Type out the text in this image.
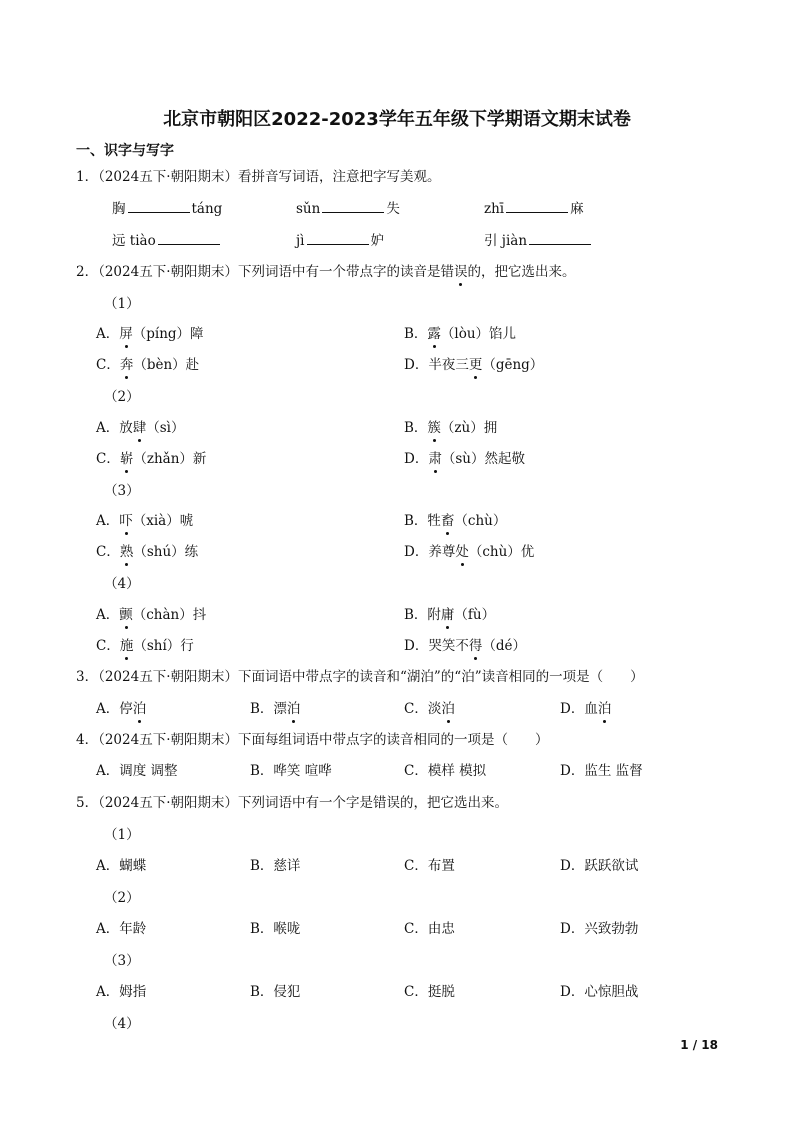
北京市朝阳区2022-2023学年五年级下学期语文期末试卷
一、识字与写字
1．（2024五下·朝阳期末）看拼音写词语，注意把字写美观。
胸	táng	sǔn	失	zhī	麻
远 tiào	jì	妒	引 jiàn
2．（2024五下·朝阳期末）下列词语中有一个带点字的读音是错误的，把它选出来。
（1）
A．屏（píng）障	B．露（lòu）馅儿
C．奔（bèn）赴	D．半夜三更（gēng）
（2）
A．放肆（sì）	B．簇（zù）拥
C．崭（zhǎn）新	D．肃（sù）然起敬
（3）
A．吓（xià）唬	B．牲畜（chù）
C．熟（shú）练	D．养尊处（chù）优
（4）
A．颤（chàn）抖	B．附庸（fù）
C．施（shí）行	D．哭笑不得（dé）
3．（2024五下·朝阳期末）下面词语中带点字的读音和“湖泊”的“泊”读音相同的一项是（　　）
A．停泊	B．漂泊	C．淡泊	D．血泊
4．（2024五下·朝阳期末）下面每组词语中带点字的读音相同的一项是（　　）
A．调度 调整	B．哗笑 喧哗	C．模样 模拟	D．监生 监督
5．（2024五下·朝阳期末）下列词语中有一个字是错误的，把它选出来。
（1）
A．蝴蝶	B．慈详	C．布置	D．跃跃欲试
（2）
A．年龄	B．喉咙	C．由忠	D．兴致勃勃
（3）
A．姆指	B．侵犯	C．挺脱	D．心惊胆战
（4）
1 / 18
